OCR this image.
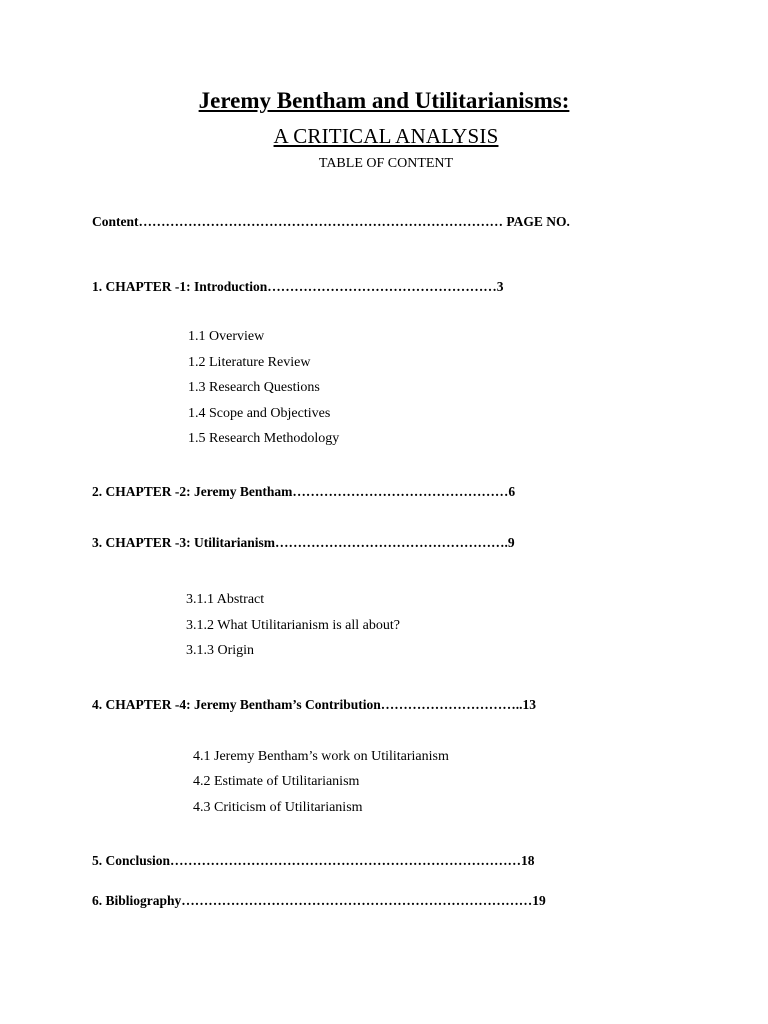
Jeremy Bentham and Utilitarianisms:
A CRITICAL ANALYSIS
TABLE OF CONTENT
Content……………………………………………………………………… PAGE NO.
1. CHAPTER -1: Introduction……………………………………………3
1.1 Overview
1.2 Literature Review
1.3 Research Questions
1.4 Scope and Objectives
1.5 Research Methodology
2. CHAPTER -2: Jeremy Bentham…………………………………………6
3. CHAPTER -3: Utilitarianism…………………………………………….9
3.1.1 Abstract
3.1.2 What Utilitarianism is all about?
3.1.3 Origin
4. CHAPTER -4: Jeremy Bentham’s Contribution…………………………..13
4.1 Jeremy Bentham’s work on Utilitarianism
4.2 Estimate of Utilitarianism
4.3 Criticism of Utilitarianism
5. Conclusion……………………………………………………………………18
6. Bibliography……………………………………………………………………19
